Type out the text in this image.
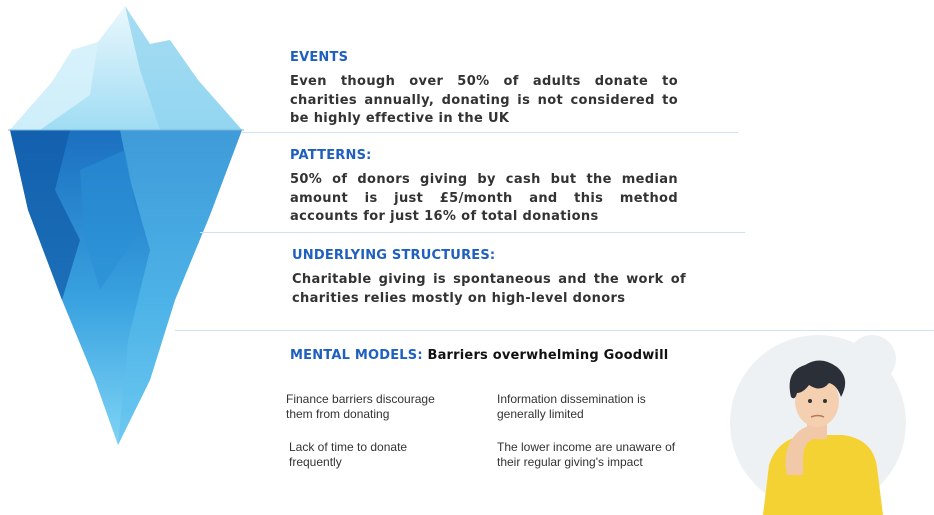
EVENTS

Even though over 50% of adults donate to charities annually, donating is not considered to be highly effective in the UK

PATTERNS:

50% of donors giving by cash but the median amount is just £5/month and this method accounts for just 16% of total donations

UNDERLYING STRUCTURES:

Charitable giving is spontaneous and the work of charities relies mostly on high-level donors

MENTAL MODELS: Barriers overwhelming Goodwill
Finance barriers discourage them from donating
Information dissemination is generally limited
Lack of time to donate frequently
The lower income are unaware of their regular giving's impact
